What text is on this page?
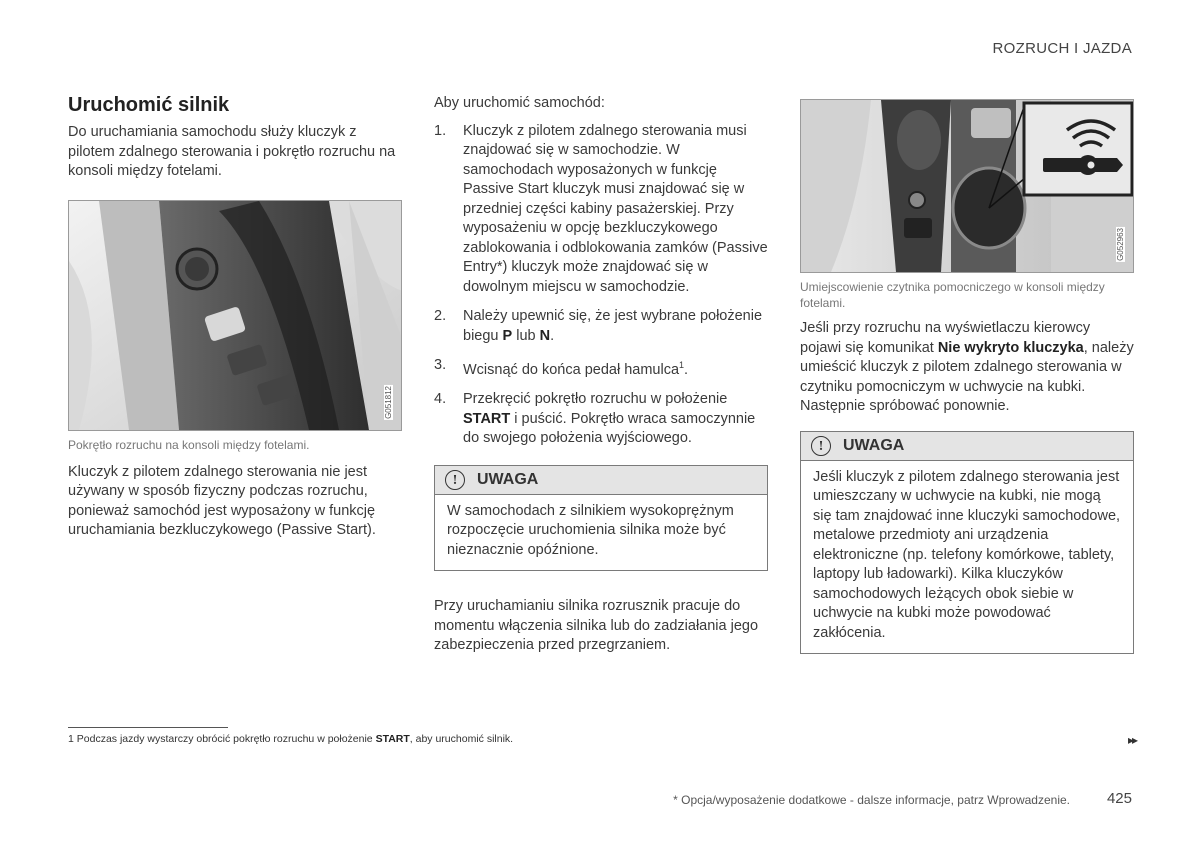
ROZRUCH I JAZDA
Uruchomić silnik

Do uruchamiania samochodu służy kluczyk z pilotem zdalnego sterowania i pokrętło rozruchu na konsoli między fotelami.

G051812
Pokrętło rozruchu na konsoli między fotelami.

Kluczyk z pilotem zdalnego sterowania nie jest używany w sposób fizyczny podczas rozruchu, ponieważ samochód jest wyposażony w funkcję uruchamiania bezkluczykowego (Passive Start).

Aby uruchomić samochód:

1. Kluczyk z pilotem zdalnego sterowania musi znajdować się w samochodzie. W samochodach wyposażonych w funkcję Passive Start kluczyk musi znajdować się w przedniej części kabiny pasażerskiej. Przy wyposażeniu w opcję bezkluczykowego zablokowania i odblokowania zamków (Passive Entry*) kluczyk może znajdować się w dowolnym miejscu w samochodzie.
2. Należy upewnić się, że jest wybrane położenie biegu P lub N.
3. Wcisnąć do końca pedał hamulca$^1$.
4. Przekręcić pokrętło rozruchu w położenie START i puścić. Pokrętło wraca samoczynnie do swojego położenia wyjściowego.
!	UWAGA

W samochodach z silnikiem wysokoprężnym rozpoczęcie uruchomienia silnika może być nieznacznie opóźnione.

Przy uruchamianiu silnika rozrusznik pracuje do momentu włączenia silnika lub do zadziałania jego zabezpieczenia przed przegrzaniem.

G052963
Umiejscowienie czytnika pomocniczego w konsoli między fotelami.

Jeśli przy rozruchu na wyświetlaczu kierowcy pojawi się komunikat Nie wykryto kluczyka, należy umieścić kluczyk z pilotem zdalnego sterowania w czytniku pomocniczym w uchwycie na kubki. Następnie spróbować ponownie.

!	UWAGA

Jeśli kluczyk z pilotem zdalnego sterowania jest umieszczany w uchwycie na kubki, nie mogą się tam znajdować inne kluczyki samochodowe, metalowe przedmioty ani urządzenia elektroniczne (np. telefony komórkowe, tablety, laptopy lub ładowarki). Kilka kluczyków samochodowych leżących obok siebie w uchwycie na kubki może powodować zakłócenia.

1 Podczas jazdy wystarczy obrócić pokrętło rozruchu w położenie START, aby uruchomić silnik.	▸▸
* Opcja/wyposażenie dodatkowe - dalsze informacje, patrz Wprowadzenie. 425
